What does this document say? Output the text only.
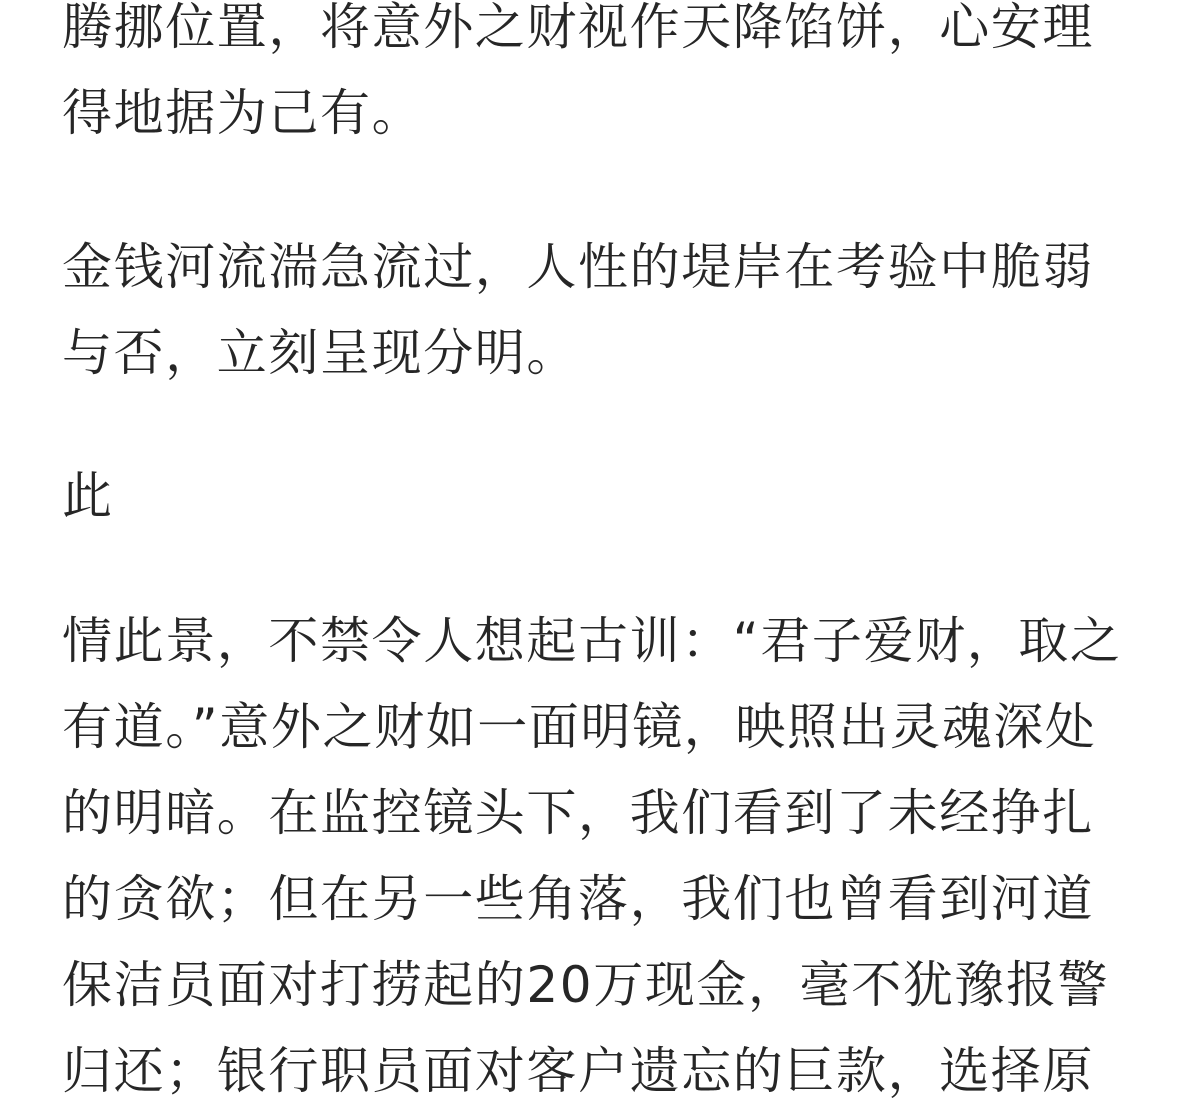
腾挪位置，将意外之财视作天降馅饼，心安理
得地据为己有。
金钱河流湍急流过，人性的堤岸在考验中脆弱
与否，立刻呈现分明。
此
情此景，不禁令人想起古训：“君子爱财，取之
有道。”意外之财如一面明镜，映照出灵魂深处
的明暗。在监控镜头下，我们看到了未经挣扎
的贪欲；但在另一些角落，我们也曾看到河道
保洁员面对打捞起的20万现金，毫不犹豫报警
归还；银行职员面对客户遗忘的巨款，选择原
